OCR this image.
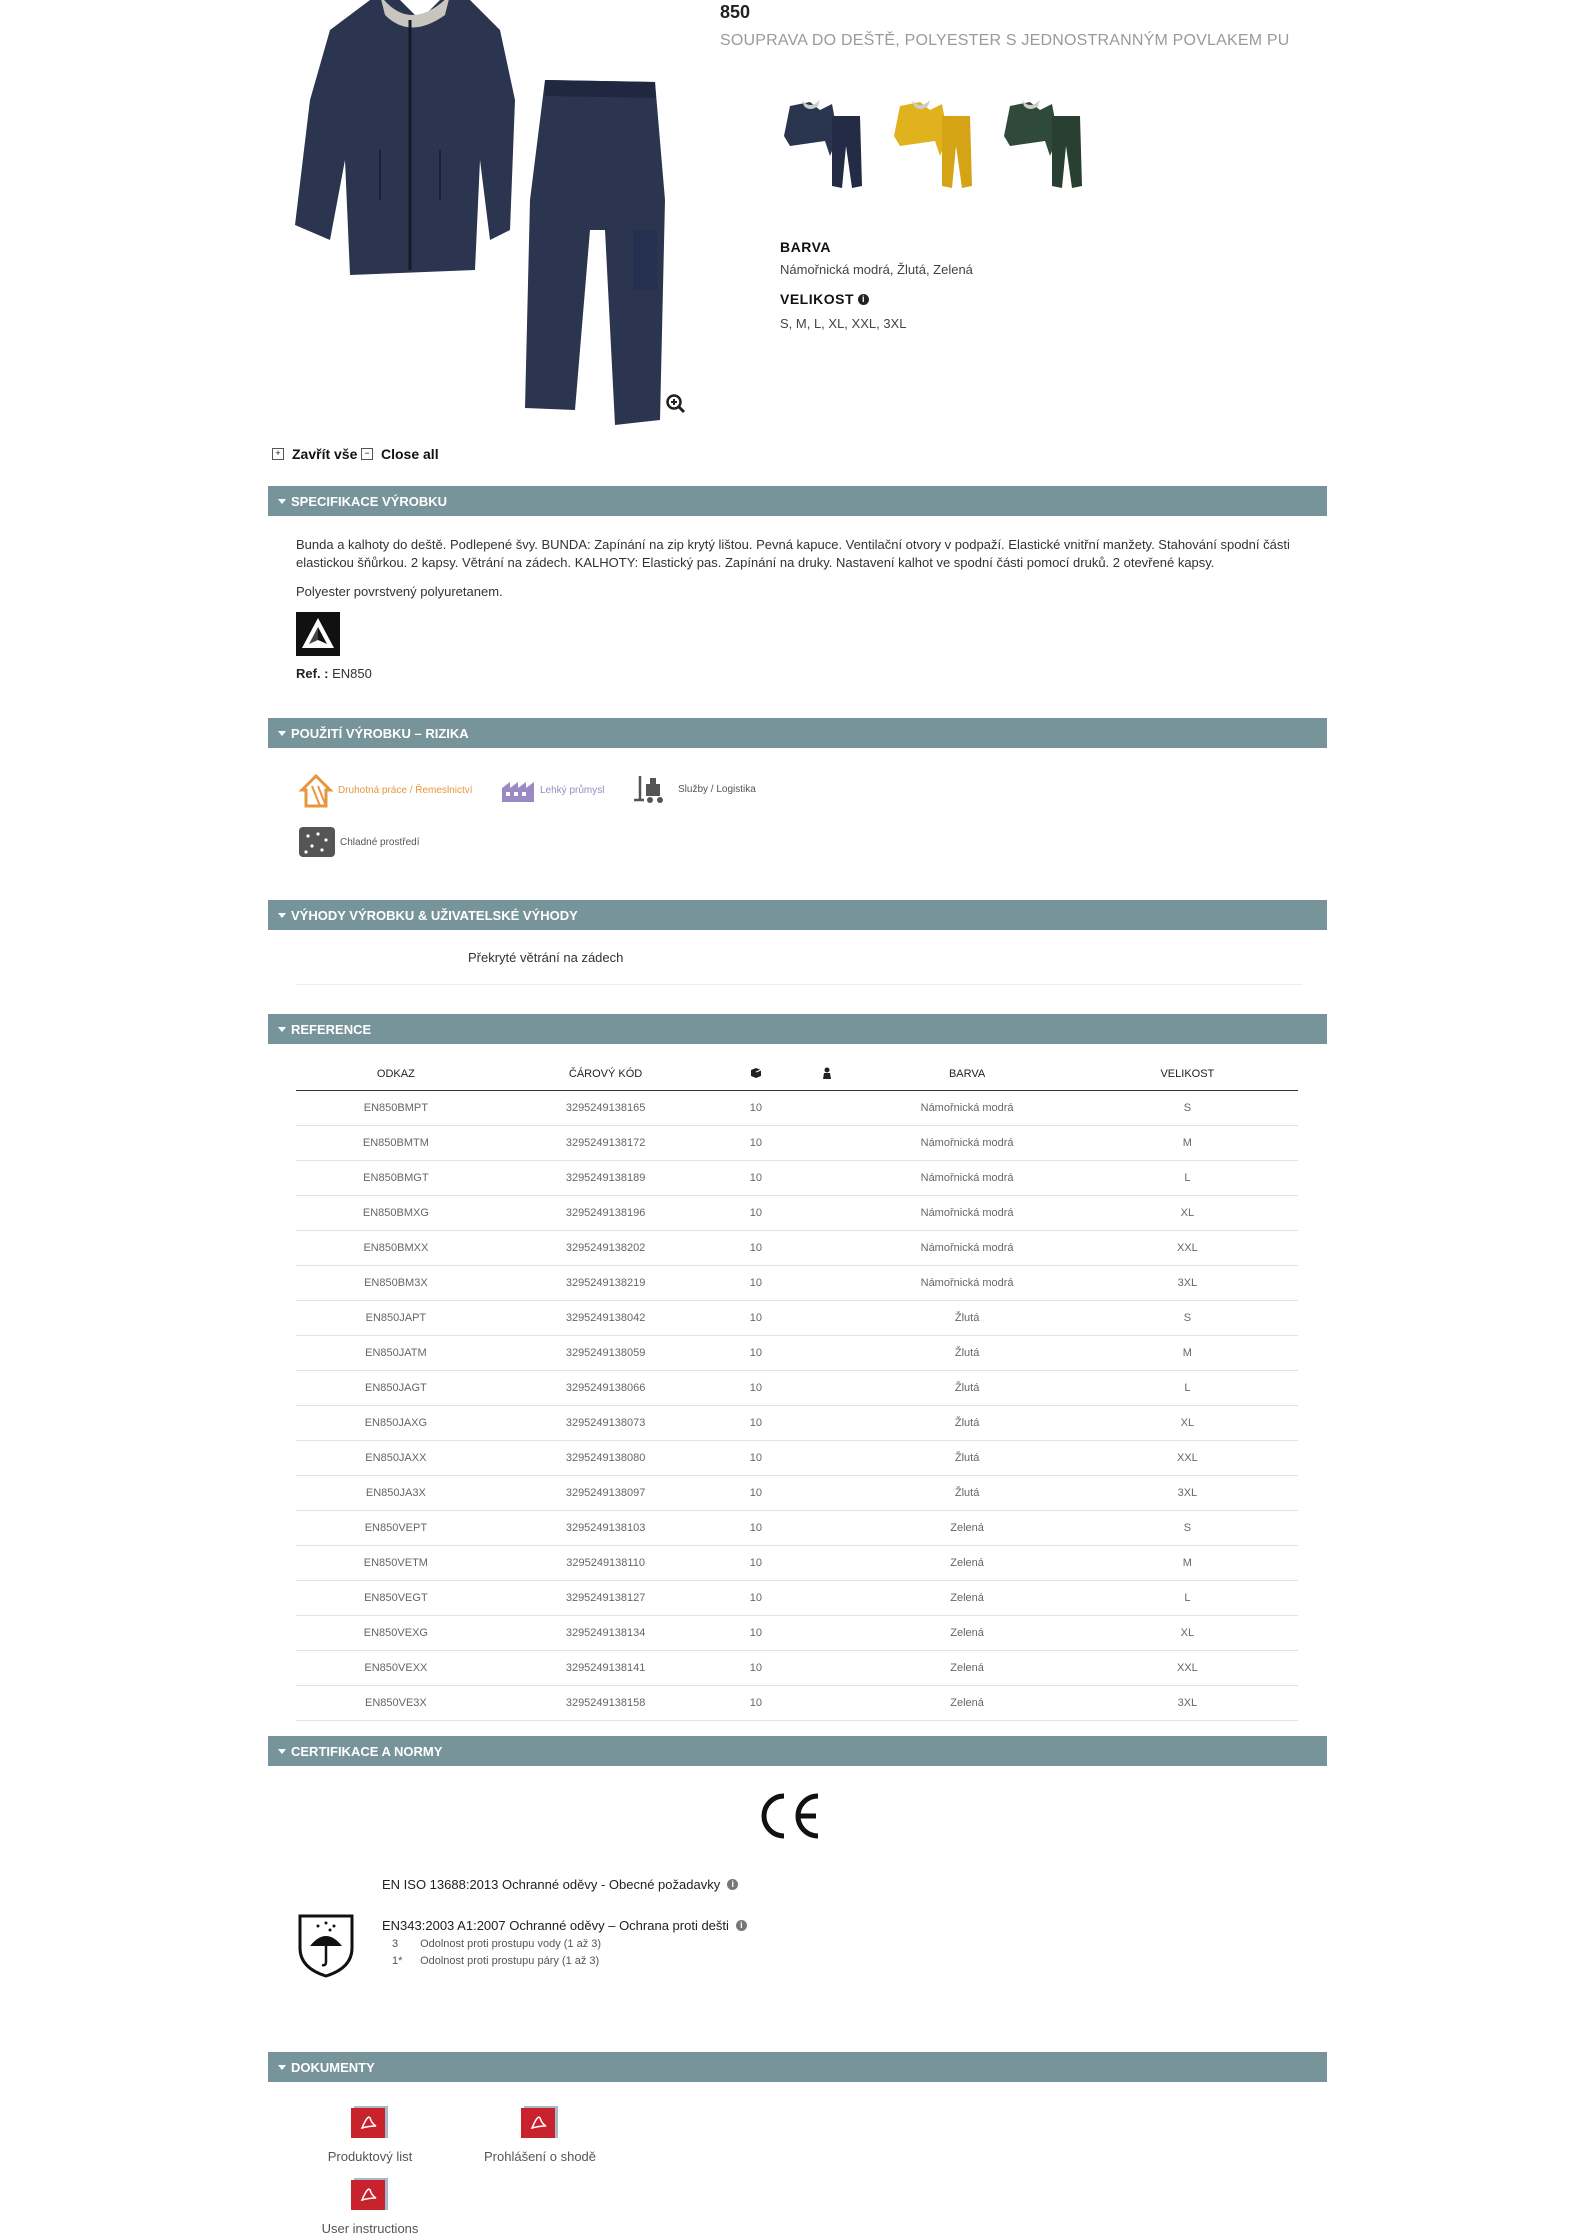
850
SOUPRAVA DO DEŠTĚ, POLYESTER S JEDNOSTRANNÝM POVLAKEM PU
BARVA
Námořnická modrá, Žlutá, Zelená
VELIKOST i
S, M, L, XL, XXL, 3XL
+ Zavřít vše − Close all
SPECIFIKACE VÝROBKU
Bunda a kalhoty do deště. Podlepené švy. BUNDA: Zapínání na zip krytý lištou. Pevná kapuce. Ventilační otvory v podpaží. Elastické vnitřní manžety. Stahování spodní části elastickou šňůrkou. 2 kapsy. Větrání na zádech. KALHOTY: Elastický pas. Zapínání na druky. Nastavení kalhot ve spodní části pomocí druků. 2 otevřené kapsy.
Polyester povrstvený polyuretanem.
Ref. : EN850
POUŽITÍ VÝROBKU – RIZIKA
Druhotná práce / Řemeslnictví	Lehký průmysl	Služby / Logistika
Chladné prostředí
VÝHODY VÝROBKU & UŽIVATELSKÉ VÝHODY
Překryté větrání na zádech
REFERENCE
ODKAZ	ČÁROVÝ KÓD			BARVA	VELIKOST
EN850BMPT	3295249138165	10		Námořnická modrá	S
EN850BMTM	3295249138172	10		Námořnická modrá	M
EN850BMGT	3295249138189	10		Námořnická modrá	L
EN850BMXG	3295249138196	10		Námořnická modrá	XL
EN850BMXX	3295249138202	10		Námořnická modrá	XXL
EN850BM3X	3295249138219	10		Námořnická modrá	3XL
EN850JAPT	3295249138042	10		Žlutá	S
EN850JATM	3295249138059	10		Žlutá	M
EN850JAGT	3295249138066	10		Žlutá	L
EN850JAXG	3295249138073	10		Žlutá	XL
EN850JAXX	3295249138080	10		Žlutá	XXL
EN850JA3X	3295249138097	10		Žlutá	3XL
EN850VEPT	3295249138103	10		Zelená	S
EN850VETM	3295249138110	10		Zelená	M
EN850VEGT	3295249138127	10		Zelená	L
EN850VEXG	3295249138134	10		Zelená	XL
EN850VEXX	3295249138141	10		Zelená	XXL
EN850VE3X	3295249138158	10		Zelená	3XL
CERTIFIKACE A NORMY
EN ISO 13688:2013 Ochranné oděvy - Obecné požadavky	i
EN343:2003 A1:2007 Ochranné oděvy – Ochrana proti dešti	i
3 Odolnost proti prostupu vody (1 až 3)
1* Odolnost proti prostupu páry (1 až 3)
DOKUMENTY
Produktový list	Prohlášení o shodě
User instructions
